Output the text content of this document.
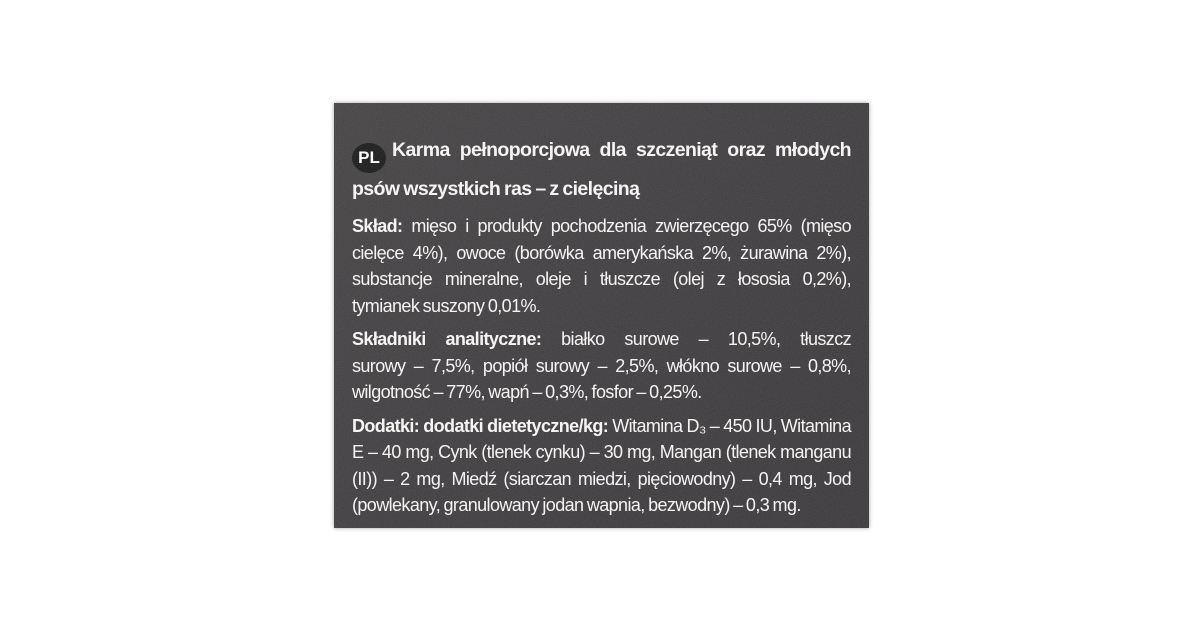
PL Karma pełnoporcjowa dla szczeniąt oraz młodych
psów wszystkich ras – z cielęciną
Skład: mięso i produkty pochodzenia zwierzęcego 65% (mięso
cielęce 4%), owoce (borówka amerykańska 2%, żurawina 2%),
substancje mineralne, oleje i tłuszcze (olej z łososia 0,2%),
tymianek suszony 0,01%.
Składniki analityczne: białko surowe – 10,5%, tłuszcz
surowy – 7,5%, popiół surowy – 2,5%, włókno surowe – 0,8%,
wilgotność – 77%, wapń – 0,3%, fosfor – 0,25%.
Dodatki: dodatki dietetyczne/kg: Witamina D₃ – 450 IU, Witamina
E – 40 mg, Cynk (tlenek cynku) – 30 mg, Mangan (tlenek manganu
(II)) – 2 mg, Miedź (siarczan miedzi, pięciowodny) – 0,4 mg, Jod
(powlekany, granulowany jodan wapnia, bezwodny) – 0,3 mg.
